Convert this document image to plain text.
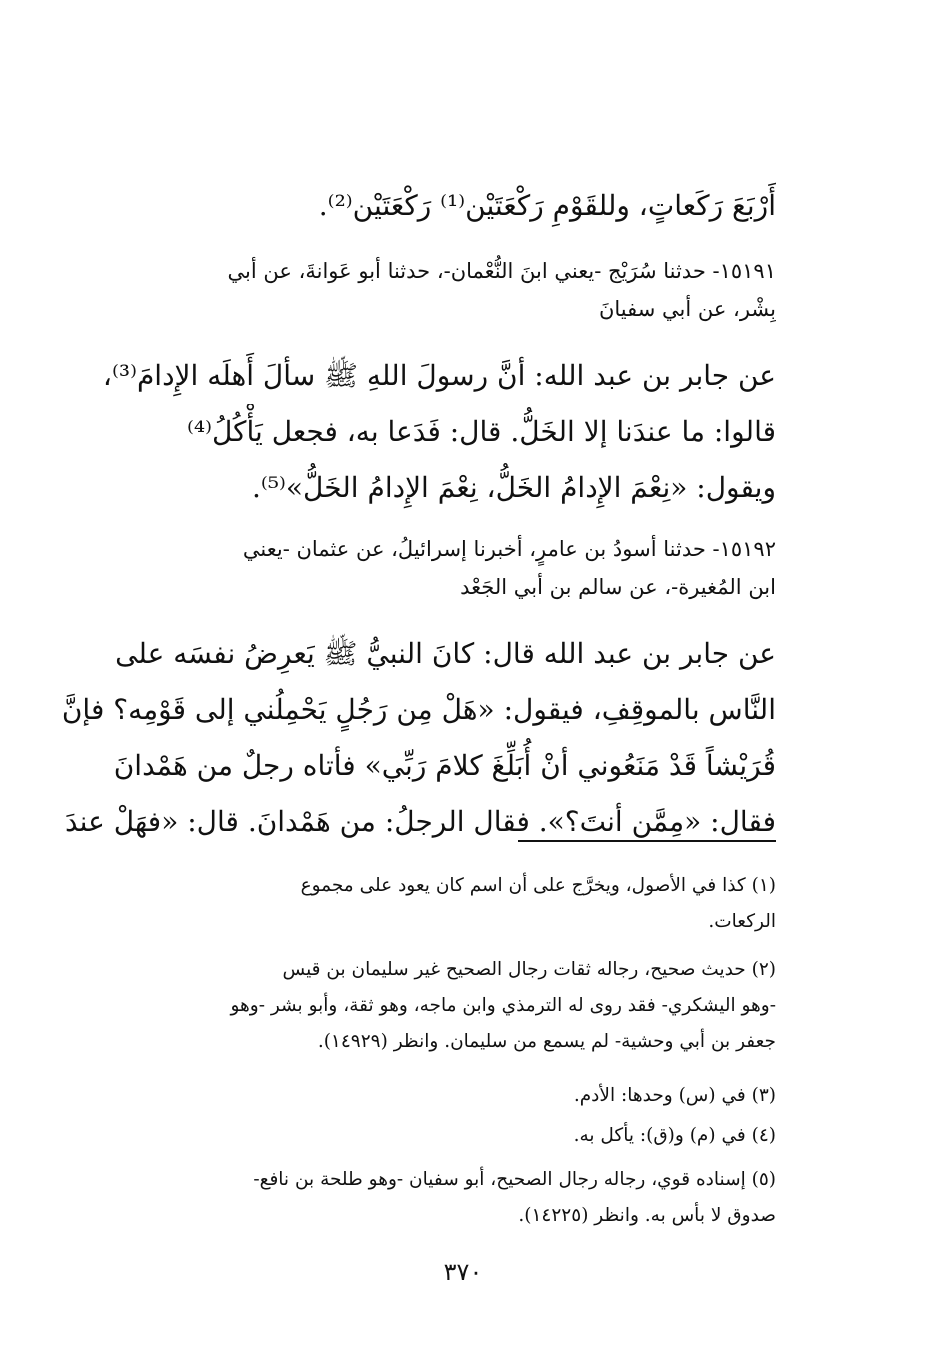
أَرْبَعَ رَكَعاتٍ، وللقَوْمِ رَكْعَتَيْن⁽¹⁾ رَكْعَتَيْن⁽²⁾.
١٥١٩١- حدثنا سُرَيْج -يعني ابنَ النُّعْمان-، حدثنا أبو عَوانةَ، عن أبي
بِشْر، عن أبي سفيانَ
عن جابر بن عبد الله: أنَّ رسولَ اللهِ ﷺ سألَ أَهلَه الإِدامَ⁽³⁾،
قالوا: ما عندَنا إلا الخَلُّ. قال: فَدَعا به، فجعل يَأْكُلُ⁽⁴⁾
ويقول: «نِعْمَ الإِدامُ الخَلُّ، نِعْمَ الإِدامُ الخَلُّ»⁽⁵⁾.
١٥١٩٢- حدثنا أسودُ بن عامرٍ، أخبرنا إسرائيلُ، عن عثمان -يعني
ابن المُغيرة-، عن سالم بن أبي الجَعْد
عن جابر بن عبد الله قال: كانَ النبيُّ ﷺ يَعرِضُ نفسَه على
النَّاس بالموقِفِ، فيقول: «هَلْ مِن رَجُلٍ يَحْمِلُني إلى قَوْمِه؟ فإنَّ
قُرَيْشاً قَدْ مَنَعُوني أنْ أُبَلِّغَ كلامَ رَبِّي» فأتاه رجلٌ من هَمْدانَ
فقال: «مِمَّن أنتَ؟». فقال الرجلُ: من هَمْدانَ. قال: «فهَلْ عندَ
(١) كذا في الأصول، ويخرَّج على أن اسم كان يعود على مجموع
الركعات.
(٢) حديث صحيح، رجاله ثقات رجال الصحيح غير سليمان بن قيس
-وهو اليشكري- فقد روى له الترمذي وابن ماجه، وهو ثقة، وأبو بشر -وهو
جعفر بن أبي وحشية- لم يسمع من سليمان. وانظر (١٤٩٢٩).
(٣) في (س) وحدها: الأدم.
(٤) في (م) و(ق): يأكل به.
(٥) إسناده قوي، رجاله رجال الصحيح، أبو سفيان -وهو طلحة بن نافع-
صدوق لا بأس به. وانظر (١٤٢٢٥).
٣٧٠
